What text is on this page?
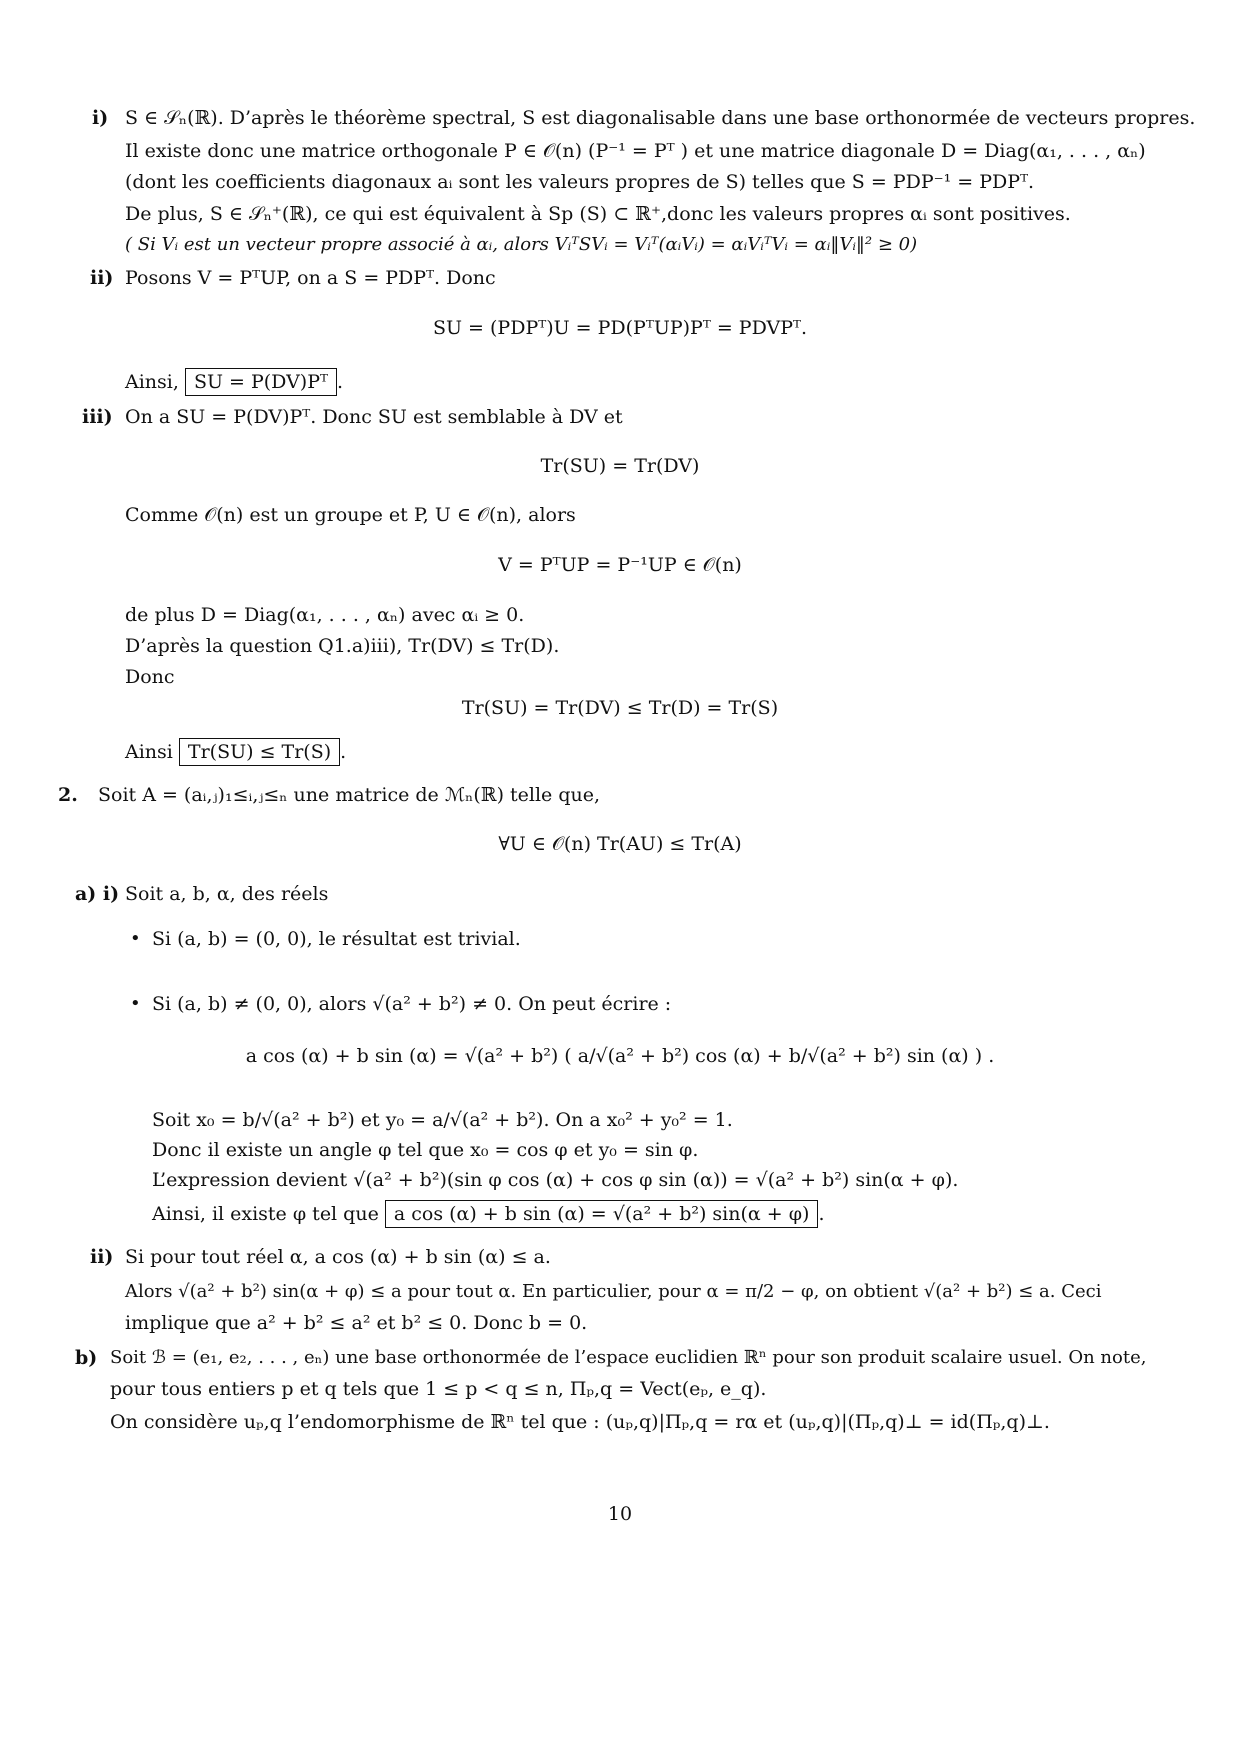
i) S ∈ 𝒮ₙ(ℝ). D’après le théorème spectral, S est diagonalisable dans une base orthonormée de vecteurs propres.
Il existe donc une matrice orthogonale P ∈ 𝒪(n) (P⁻¹ = Pᵀ ) et une matrice diagonale D = Diag(α₁, . . . , αₙ)
(dont les coefficients diagonaux aᵢ sont les valeurs propres de S) telles que S = PDP⁻¹ = PDPᵀ.
De plus, S ∈ 𝒮ₙ⁺(ℝ), ce qui est équivalent à Sp (S) ⊂ ℝ⁺,donc les valeurs propres αᵢ sont positives.
( Si Vᵢ est un vecteur propre associé à αᵢ, alors VᵢᵀSVᵢ = Vᵢᵀ(αᵢVᵢ) = αᵢVᵢᵀVᵢ = αᵢ‖Vᵢ‖² ≥ 0)
ii) Posons V = PᵀUP, on a S = PDPᵀ. Donc
SU = (PDPᵀ)U = PD(PᵀUP)Pᵀ = PDVPᵀ.
Ainsi, SU = P(DV)Pᵀ .
iii) On a SU = P(DV)Pᵀ. Donc SU est semblable à DV et
Tr(SU) = Tr(DV)
Comme 𝒪(n) est un groupe et P, U ∈ 𝒪(n), alors
V = PᵀUP = P⁻¹UP ∈ 𝒪(n)
de plus D = Diag(α₁, . . . , αₙ) avec αᵢ ≥ 0.
D’après la question Q1.a)iii), Tr(DV) ≤ Tr(D).
Donc
Tr(SU) = Tr(DV) ≤ Tr(D) = Tr(S)
Ainsi Tr(SU) ≤ Tr(S) .
2. Soit A = (aᵢ,ⱼ)₁≤ᵢ,ⱼ≤ₙ une matrice de ℳₙ(ℝ) telle que,
∀U ∈ 𝒪(n) Tr(AU) ≤ Tr(A)
a) i) Soit a, b, α, des réels
• Si (a, b) = (0, 0), le résultat est trivial.
• Si (a, b) ≠ (0, 0), alors √(a² + b²) ≠ 0. On peut écrire :
a cos (α) + b sin (α) = √(a² + b²) ( a/√(a² + b²) cos (α) + b/√(a² + b²) sin (α) ) .
Soit x₀ = b/√(a² + b²) et y₀ = a/√(a² + b²). On a x₀² + y₀² = 1.
Donc il existe un angle φ tel que x₀ = cos φ et y₀ = sin φ.
L’expression devient √(a² + b²)(sin φ cos (α) + cos φ sin (α)) = √(a² + b²) sin(α + φ).
Ainsi, il existe φ tel que a cos (α) + b sin (α) = √(a² + b²) sin(α + φ) .
ii) Si pour tout réel α, a cos (α) + b sin (α) ≤ a.
Alors √(a² + b²) sin(α + φ) ≤ a pour tout α. En particulier, pour α = π/2 − φ, on obtient √(a² + b²) ≤ a. Ceci
implique que a² + b² ≤ a² et b² ≤ 0. Donc b = 0.
b) Soit ℬ = (e₁, e₂, . . . , eₙ) une base orthonormée de l’espace euclidien ℝⁿ pour son produit scalaire usuel. On note,
pour tous entiers p et q tels que 1 ≤ p < q ≤ n, Πₚ,q = Vect(eₚ, e_q).
On considère uₚ,q l’endomorphisme de ℝⁿ tel que : (uₚ,q)|Πₚ,q = rα et (uₚ,q)|(Πₚ,q)⊥ = id(Πₚ,q)⊥.
10
